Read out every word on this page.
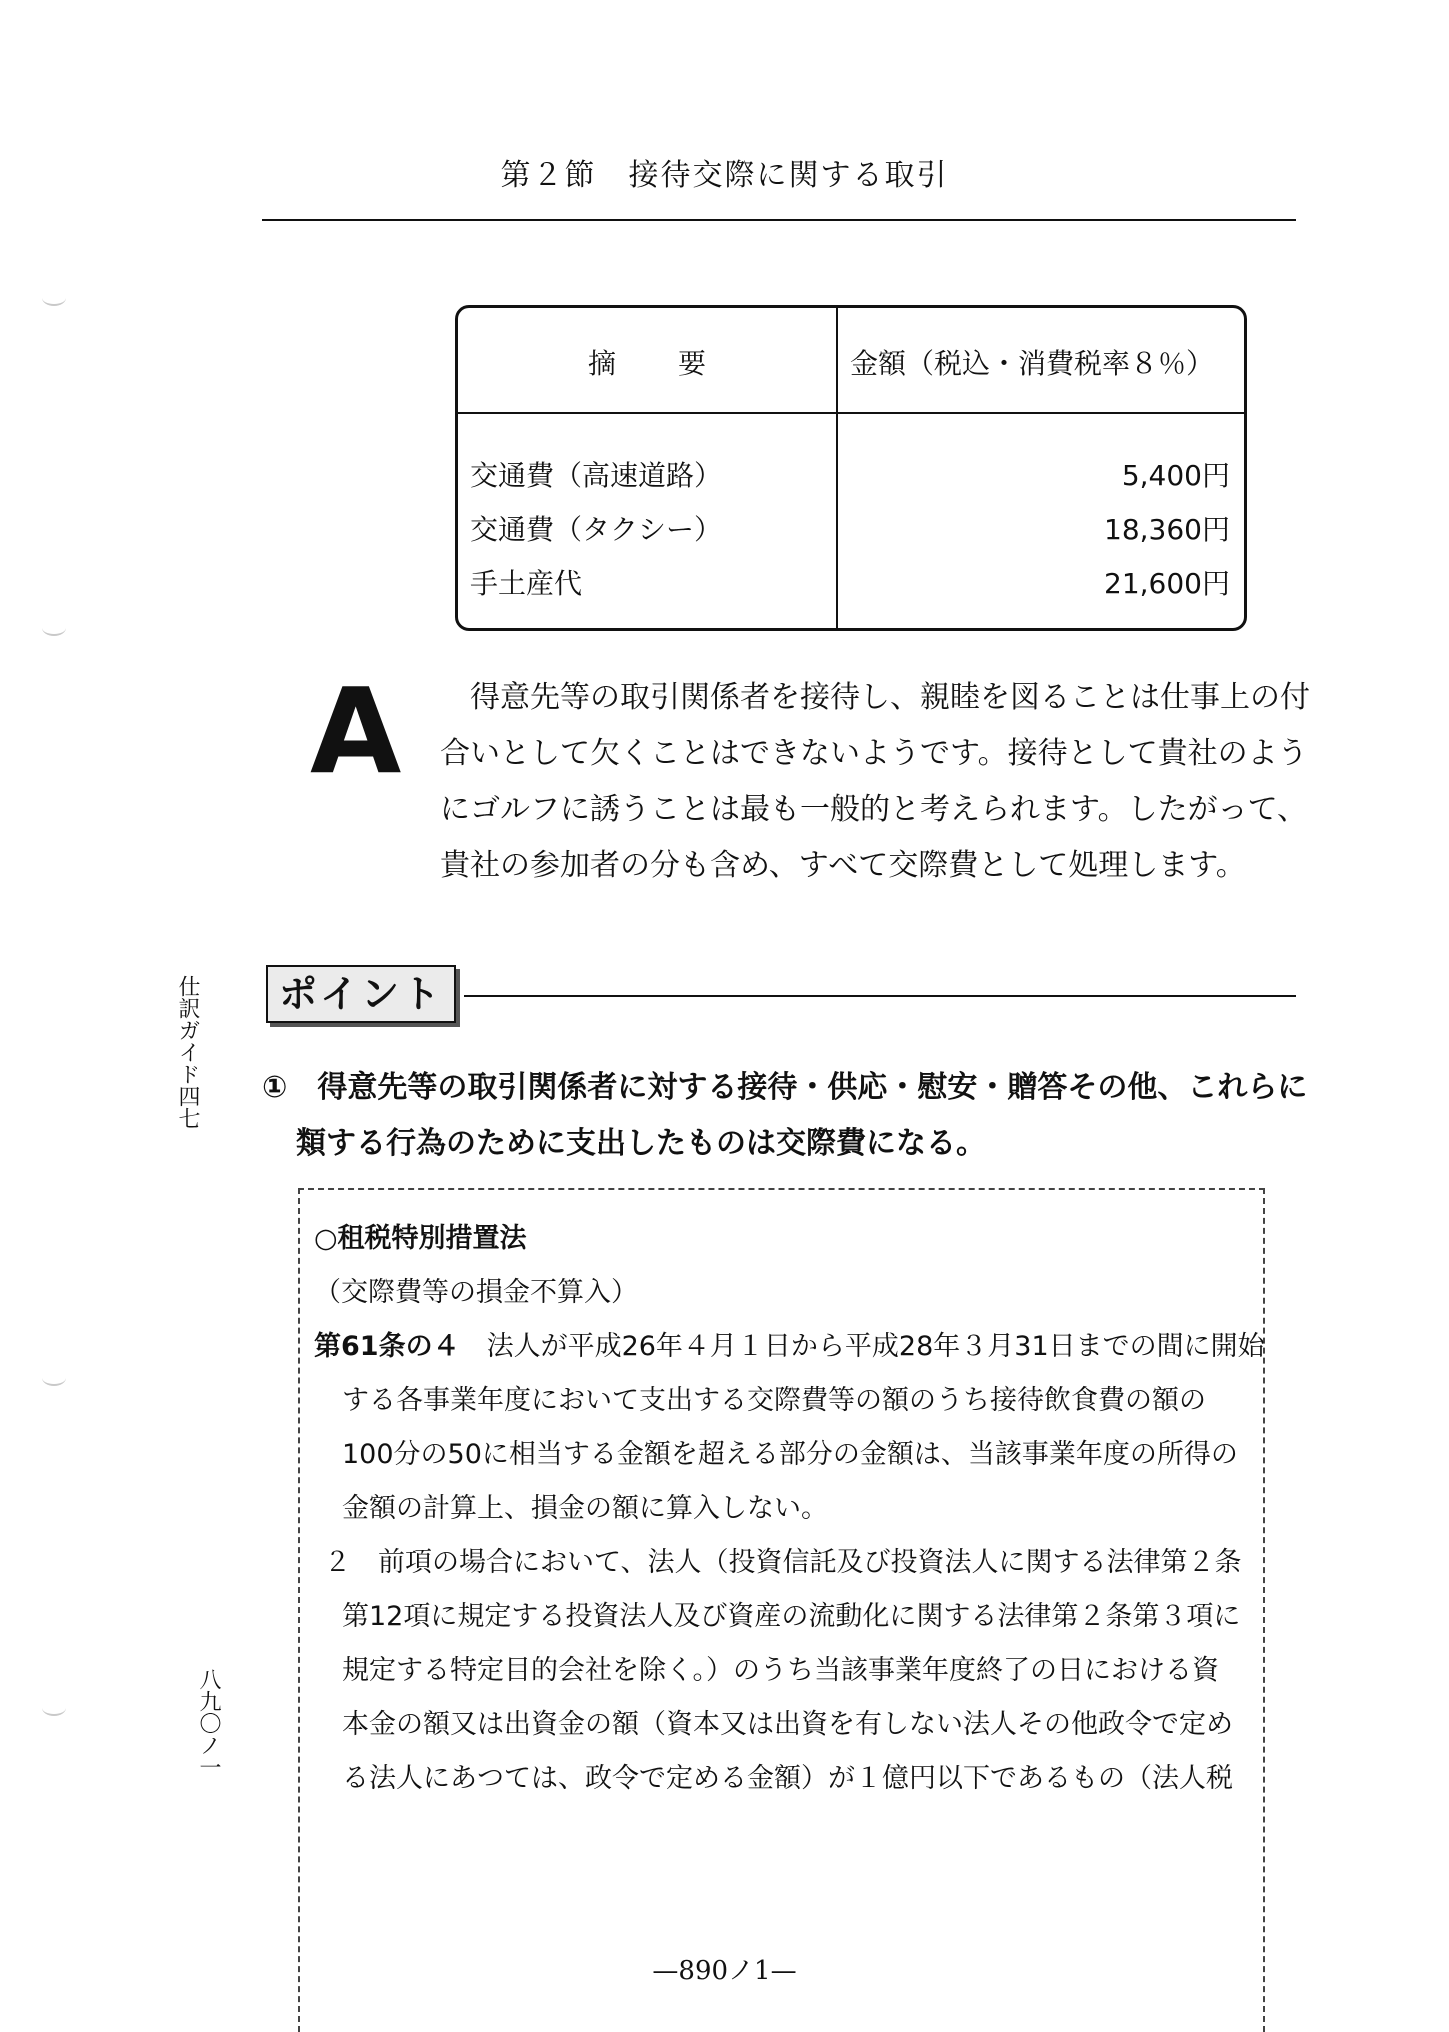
第２節　接待交際に関する取引
摘要	金額（税込・消費税率８％）
交通費（高速道路）	5,400円
交通費（タクシー）	18,360円
手土産代	21,600円
A 　得意先等の取引関係者を接待し、親睦を図ることは仕事上の付
合いとして欠くことはできないようです。接待として貴社のよう
にゴルフに誘うことは最も一般的と考えられます。したがって、
貴社の参加者の分も含め、すべて交際費として処理します。
仕訳ガイド四七
八九〇ノ一
ポイント
①　得意先等の取引関係者に対する接待・供応・慰安・贈答その他、これらに
類する行為のために支出したものは交際費になる。
○租税特別措置法
（交際費等の損金不算入）
第61条の４　法人が平成26年４月１日から平成28年３月31日までの間に開始
する各事業年度において支出する交際費等の額のうち接待飲食費の額の
100分の50に相当する金額を超える部分の金額は、当該事業年度の所得の
金額の計算上、損金の額に算入しない。
２　前項の場合において、法人（投資信託及び投資法人に関する法律第２条
第12項に規定する投資法人及び資産の流動化に関する法律第２条第３項に
規定する特定目的会社を除く。）のうち当該事業年度終了の日における資
本金の額又は出資金の額（資本又は出資を有しない法人その他政令で定め
る法人にあつては、政令で定める金額）が１億円以下であるもの（法人税
—890ノ1—
